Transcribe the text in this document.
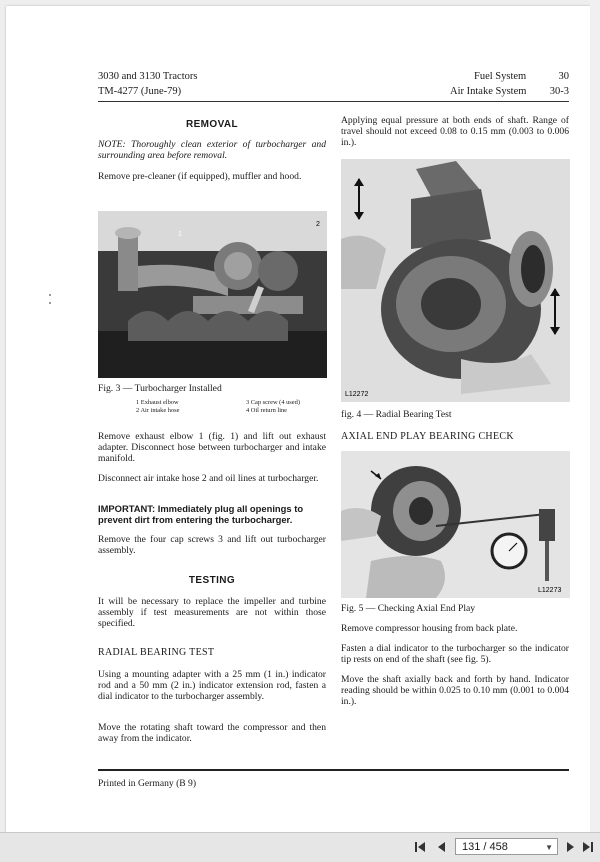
3030 and 3130 Tractors
TM-4277 (June-79)
Fuel System	30
Air Intake System 30-3
REMOVAL
NOTE: Thoroughly clean exterior of turbocharger and surrounding area before removal.
Remove pre-cleaner (if equipped), muffler and hood.
1
2
Fig. 3 — Turbocharger Installed
1 Exhaust elbow
2 Air intake hose
3 Cap screw (4 used)
4 Oil return line
Remove exhaust elbow 1 (fig. 1) and lift out exhaust adapter. Disconnect hose between turbocharger and intake manifold.
Disconnect air intake hose 2 and oil lines at turbocharger.
IMPORTANT: Immediately plug all openings to prevent dirt from entering the turbocharger.
Remove the four cap screws 3 and lift out turbocharger assembly.
TESTING
It will be necessary to replace the impeller and turbine assembly if test measurements are not within those specified.
RADIAL BEARING TEST
Using a mounting adapter with a 25 mm (1 in.) indicator rod and a 50 mm (2 in.) indicator extension rod, fasten a dial indicator to the turbocharger assembly.
Move the rotating shaft toward the compressor and then away from the indicator.
Applying equal pressure at both ends of shaft. Range of travel should not exceed 0.08 to 0.15 mm (0.003 to 0.006 in.).
L12272
fig. 4 — Radial Bearing Test
AXIAL END PLAY BEARING CHECK
L12273
Fig. 5 — Checking Axial End Play
Remove compressor housing from back plate.
Fasten a dial indicator to the turbocharger so the indicator tip rests on end of the shaft (see fig. 5).
Move the shaft axially back and forth by hand. Indicator reading should be within 0.025 to 0.10 mm (0.001 to 0.004 in.).
Printed in Germany (B 9)
131 / 458	▼
